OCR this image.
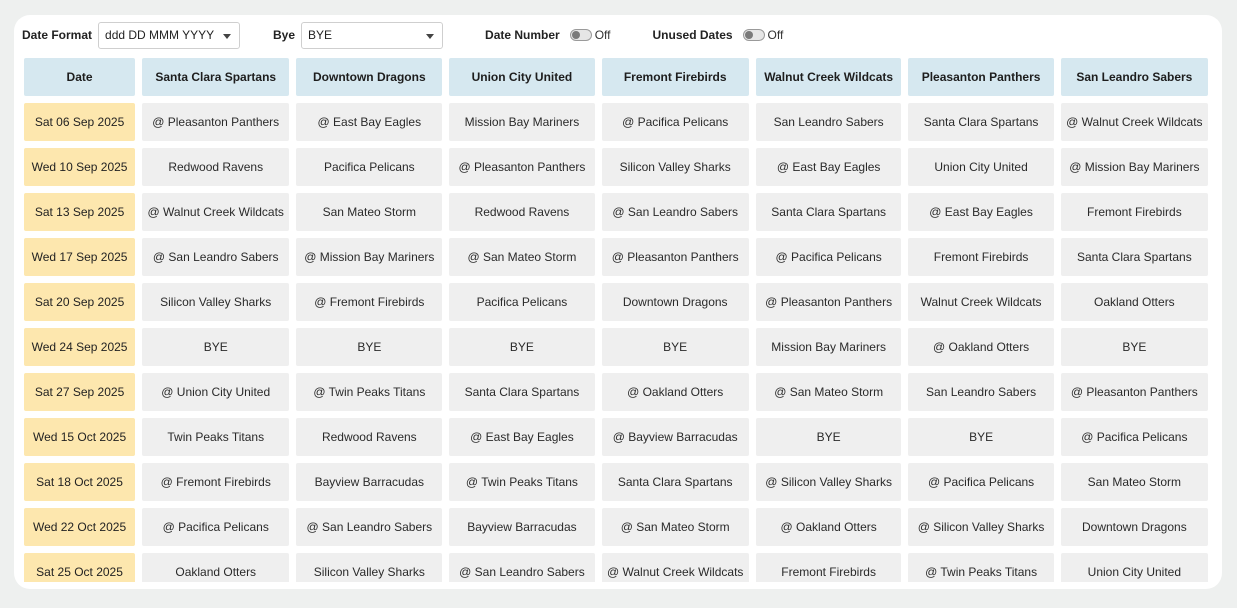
Date Format ddd DD MMM YYYY	Bye BYE	Date Number	Off	Unused Dates	Off
Date	Santa Clara Spartans	Downtown Dragons	Union City United	Fremont Firebirds	Walnut Creek Wildcats	Pleasanton Panthers	San Leandro Sabers
Sat 06 Sep 2025	@ Pleasanton Panthers	@ East Bay Eagles	Mission Bay Mariners	@ Pacifica Pelicans	San Leandro Sabers	Santa Clara Spartans	@ Walnut Creek Wildcats
Wed 10 Sep 2025	Redwood Ravens	Pacifica Pelicans	@ Pleasanton Panthers	Silicon Valley Sharks	@ East Bay Eagles	Union City United	@ Mission Bay Mariners
Sat 13 Sep 2025	@ Walnut Creek Wildcats	San Mateo Storm	Redwood Ravens	@ San Leandro Sabers	Santa Clara Spartans	@ East Bay Eagles	Fremont Firebirds
Wed 17 Sep 2025	@ San Leandro Sabers	@ Mission Bay Mariners	@ San Mateo Storm	@ Pleasanton Panthers	@ Pacifica Pelicans	Fremont Firebirds	Santa Clara Spartans
Sat 20 Sep 2025	Silicon Valley Sharks	@ Fremont Firebirds	Pacifica Pelicans	Downtown Dragons	@ Pleasanton Panthers	Walnut Creek Wildcats	Oakland Otters
Wed 24 Sep 2025	BYE	BYE	BYE	BYE	Mission Bay Mariners	@ Oakland Otters	BYE
Sat 27 Sep 2025	@ Union City United	@ Twin Peaks Titans	Santa Clara Spartans	@ Oakland Otters	@ San Mateo Storm	San Leandro Sabers	@ Pleasanton Panthers
Wed 15 Oct 2025	Twin Peaks Titans	Redwood Ravens	@ East Bay Eagles	@ Bayview Barracudas	BYE	BYE	@ Pacifica Pelicans
Sat 18 Oct 2025	@ Fremont Firebirds	Bayview Barracudas	@ Twin Peaks Titans	Santa Clara Spartans	@ Silicon Valley Sharks	@ Pacifica Pelicans	San Mateo Storm
Wed 22 Oct 2025	@ Pacifica Pelicans	@ San Leandro Sabers	Bayview Barracudas	@ San Mateo Storm	@ Oakland Otters	@ Silicon Valley Sharks	Downtown Dragons
Sat 25 Oct 2025	Oakland Otters	Silicon Valley Sharks	@ San Leandro Sabers	@ Walnut Creek Wildcats	Fremont Firebirds	@ Twin Peaks Titans	Union City United
